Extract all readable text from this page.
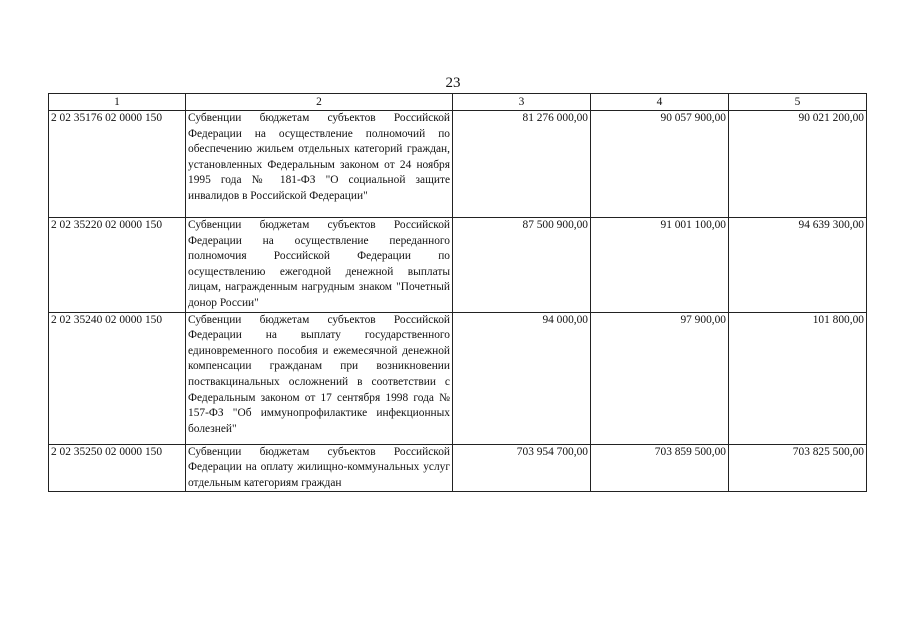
23
1	2	3	4	5
2 02 35176 02 0000 150	Субвенции бюджетам субъектов Российской Федерации на осуществление полномочий по обеспечению жильем отдельных категорий граждан, установленных Федеральным законом от 24 ноября 1995 года № 181-ФЗ "О социальной защите инвалидов в Российской Федерации"	81 276 000,00	90 057 900,00	90 021 200,00
2 02 35220 02 0000 150	Субвенции бюджетам субъектов Российской Федерации на осуществление переданного полномочия Российской Федерации по осуществлению ежегодной денежной выплаты лицам, награжденным нагрудным знаком "Почетный донор России"	87 500 900,00	91 001 100,00	94 639 300,00
2 02 35240 02 0000 150	Субвенции бюджетам субъектов Российской Федерации на выплату государственного единовременного пособия и ежемесячной денежной компенсации гражданам при возникновении поствакцинальных осложнений в соответствии с Федеральным законом от 17 сентября 1998 года № 157-ФЗ "Об иммунопрофилактике инфекционных болезней"	94 000,00	97 900,00	101 800,00
2 02 35250 02 0000 150	Субвенции бюджетам субъектов Российской Федерации на оплату жилищно-коммунальных услуг отдельным категориям граждан	703 954 700,00	703 859 500,00	703 825 500,00
